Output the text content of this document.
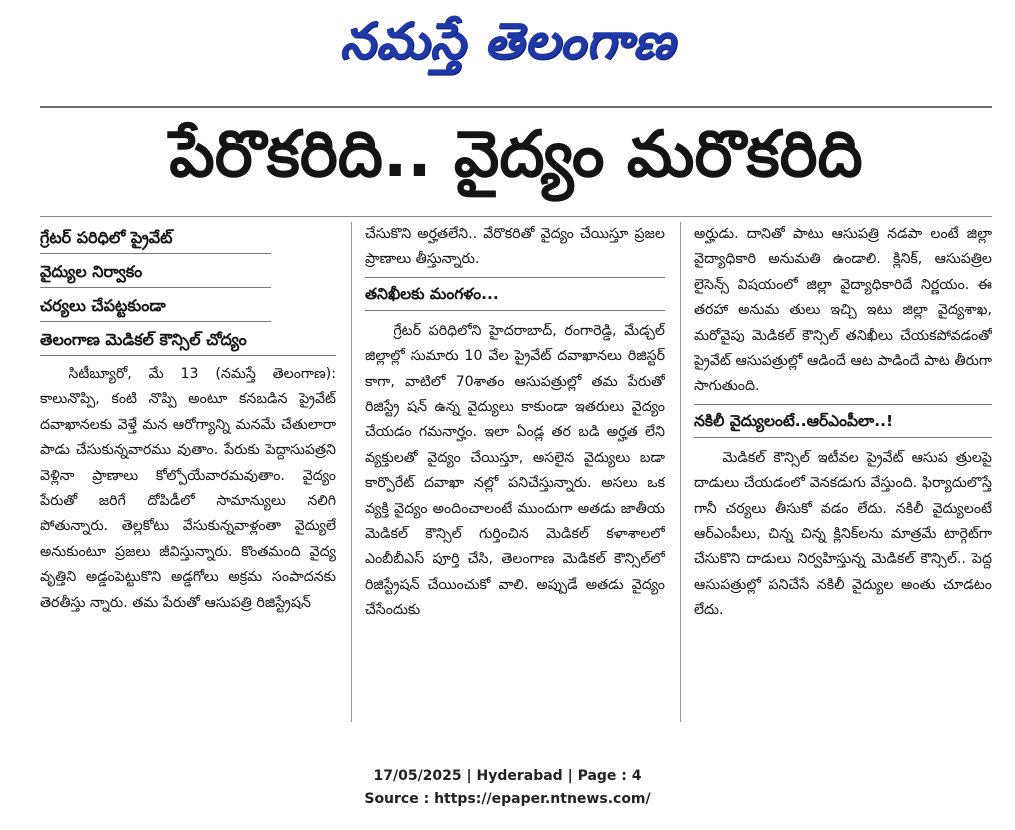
నమస్తే తెలంగాణ
పేరొకరిది.. వైద్యం మరొకరిది
గ్రేటర్ పరిధిలో ప్రైవేట్
వైద్యుల నిర్వాకం
చర్యలు చేపట్టకుండా
తెలంగాణ మెడికల్ కౌన్సిల్ చోద్యం

సిటీబ్యూరో, మే 13 (నమస్తే తెలంగాణ): కాలునొప్పి, కంటి నొప్పి అంటూ కనబడిన ప్రైవేట్ దవాఖానలకు వెళ్తే మన ఆరోగ్యాన్ని మనమే చేతులారా పాడు చేసుకున్నవారము వుతాం. పేరుకు పెద్దాసుపత్రని వెళ్లినా ప్రాణాలు కోల్పోయేవారమవుతాం. వైద్యం పేరుతో జరిగే దోపిడీలో సామాన్యులు నలిగి పోతున్నారు. తెల్లకోటు వేసుకున్నవాళ్లంతా వైద్యులే అనుకుంటూ ప్రజలు జీవిస్తున్నారు. కొంతమంది వైద్య వృత్తిని అడ్డంపెట్టుకొని అడ్డగోలు అక్రమ సంపాదనకు తెరతీస్తు న్నారు. తమ పేరుతో ఆసుపత్రి రిజిస్ట్రేషన్

చేసుకొని అర్హతలేని.. వేరొకరితో వైద్యం చేయిస్తూ ప్రజల ప్రాణాలు తీస్తున్నారు.

తనిఖీలకు మంగళం...

గ్రేటర్ పరిధిలోని హైదరాబాద్, రంగారెడ్డి, మేడ్చల్ జిల్లాల్లో సుమారు 10 వేల ప్రైవేట్ దవాఖానలు రిజిస్టర్ కాగా, వాటిలో 70శాతం ఆసుపత్రుల్లో తమ పేరుతో రిజిస్ట్రే షన్ ఉన్న వైద్యులు కాకుండా ఇతరులు వైద్యం చేయడం గమనార్హం. ఇలా ఏండ్ల తర బడి అర్హత లేని వ్యక్తులతో వైద్యం చేయిస్తూ, అసలైన వైద్యులు బడా కార్పొరేట్ దవాఖా నల్లో పనిచేస్తున్నారు. అసలు ఒక వ్యక్తి వైద్యం అందించాలంటే ముందుగా అతడు జాతీయ మెడికల్ కౌన్సిల్ గుర్తించిన మెడికల్ కళాశాలలో ఎంబీబీఎస్ పూర్తి చేసి, తెలంగాణ మెడికల్ కౌన్సిల్‌లో రిజిస్ట్రేషన్ చేయించుకో వాలి. అప్పుడే అతడు వైద్యం చేసేందుకు

అర్హుడు. దానితో పాటు ఆసుపత్రి నడపా లంటే జిల్లా వైద్యాధికారి అనుమతి ఉండాలి. క్లినిక్, ఆసుపత్రిల లైసెన్స్ విషయంలో జిల్లా వైద్యాధికారిదే నిర్ణయం. ఈ తరహా అనుమ తులు ఇచ్చి ఇటు జిల్లా వైద్యశాఖ, మరోవైపు మెడికల్ కౌన్సిల్ తనిఖీలు చేయకపోవడంతో ప్రైవేట్ ఆసుపత్రుల్లో ఆడిందే ఆట పాడిందే పాట తీరుగా సాగుతుంది.

నకిలీ వైద్యులంటే..ఆర్‌ఎంపీలా..!

మెడికల్ కౌన్సిల్ ఇటీవల ప్రైవేట్ ఆసుప త్రులపై దాడులు చేయడంలో వెనకడుగు వేస్తుంది. ఫిర్యాదులొస్తే గానీ చర్యలు తీసుకో వడం లేదు. నకిలీ వైద్యులంటే ఆర్‌ఎంపీలు, చిన్న చిన్న క్లినిక్‌లను మాత్రమే టార్గెట్‌గా చేసుకొని దాడులు నిర్వహిస్తున్న మెడికల్ కౌన్సిల్.. పెద్ద ఆసుపత్రుల్లో పనిచేసే నకిలీ వైద్యుల అంతు చూడటం లేదు.

17/05/2025 | Hyderabad | Page : 4
Source : https://epaper.ntnews.com/
